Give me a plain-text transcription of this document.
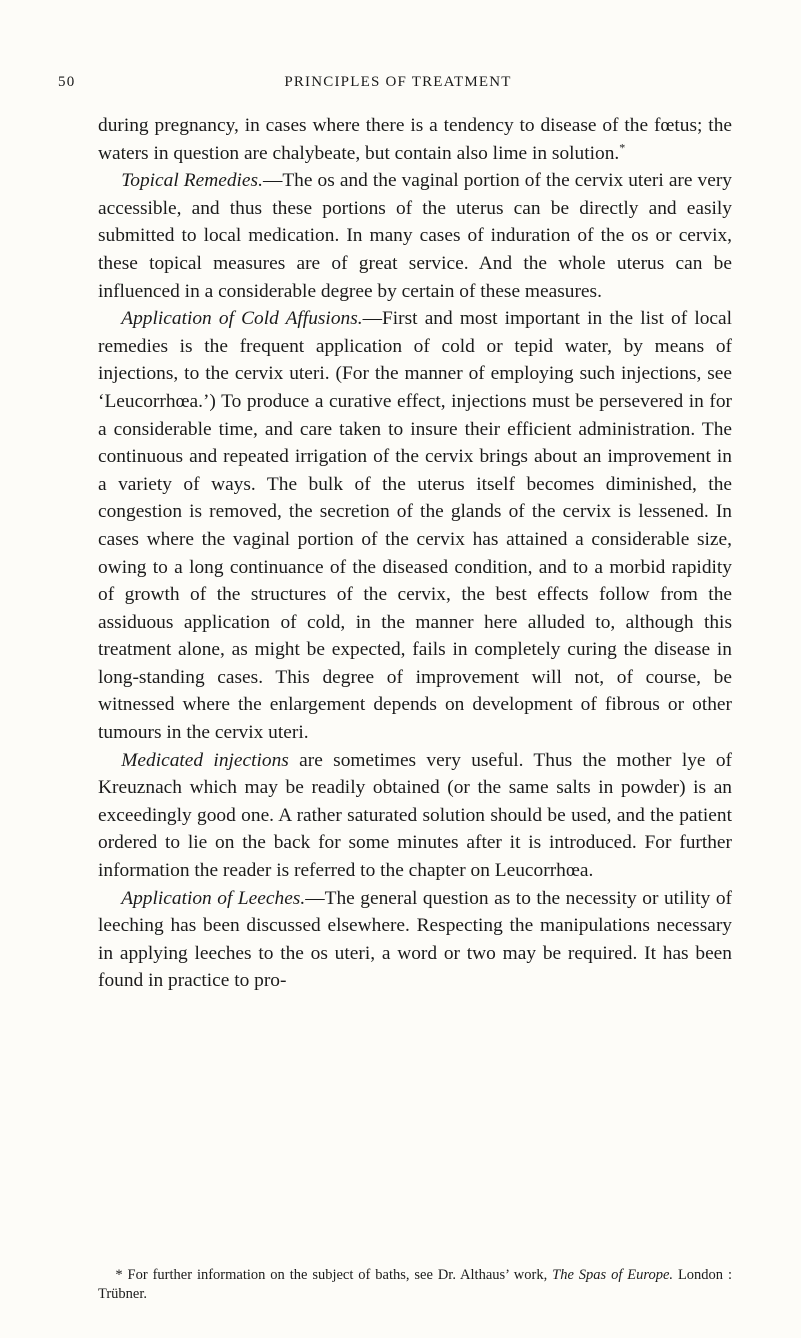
50	PRINCIPLES OF TREATMENT

during pregnancy, in cases where there is a tendency to disease of the fœtus; the waters in question are chalybeate, but contain also lime in solution.*

Topical Remedies.—The os and the vaginal portion of the cervix uteri are very accessible, and thus these portions of the uterus can be directly and easily submitted to local medication. In many cases of induration of the os or cervix, these topical measures are of great service. And the whole uterus can be influenced in a considerable degree by certain of these measures.

Application of Cold Affusions.—First and most important in the list of local remedies is the frequent application of cold or tepid water, by means of injections, to the cervix uteri. (For the manner of employing such injections, see ‘Leucorrhœa.’) To produce a curative effect, injections must be persevered in for a considerable time, and care taken to insure their efficient administration. The continuous and repeated irrigation of the cervix brings about an improvement in a variety of ways. The bulk of the uterus itself becomes diminished, the congestion is removed, the secretion of the glands of the cervix is lessened. In cases where the vaginal portion of the cervix has attained a considerable size, owing to a long continuance of the diseased condition, and to a morbid rapidity of growth of the structures of the cervix, the best effects follow from the assiduous application of cold, in the manner here alluded to, although this treatment alone, as might be expected, fails in completely curing the disease in long-standing cases. This degree of improvement will not, of course, be witnessed where the enlargement depends on development of fibrous or other tumours in the cervix uteri.

Medicated injections are sometimes very useful. Thus the mother lye of Kreuznach which may be readily obtained (or the same salts in powder) is an exceedingly good one. A rather saturated solution should be used, and the patient ordered to lie on the back for some minutes after it is introduced. For further information the reader is referred to the chapter on Leucorrhœa.

Application of Leeches.—The general question as to the necessity or utility of leeching has been discussed elsewhere. Respecting the manipulations necessary in applying leeches to the os uteri, a word or two may be required. It has been found in practice to pro-

* For further information on the subject of baths, see Dr. Althaus’ work, The Spas of Europe. London : Trübner.
